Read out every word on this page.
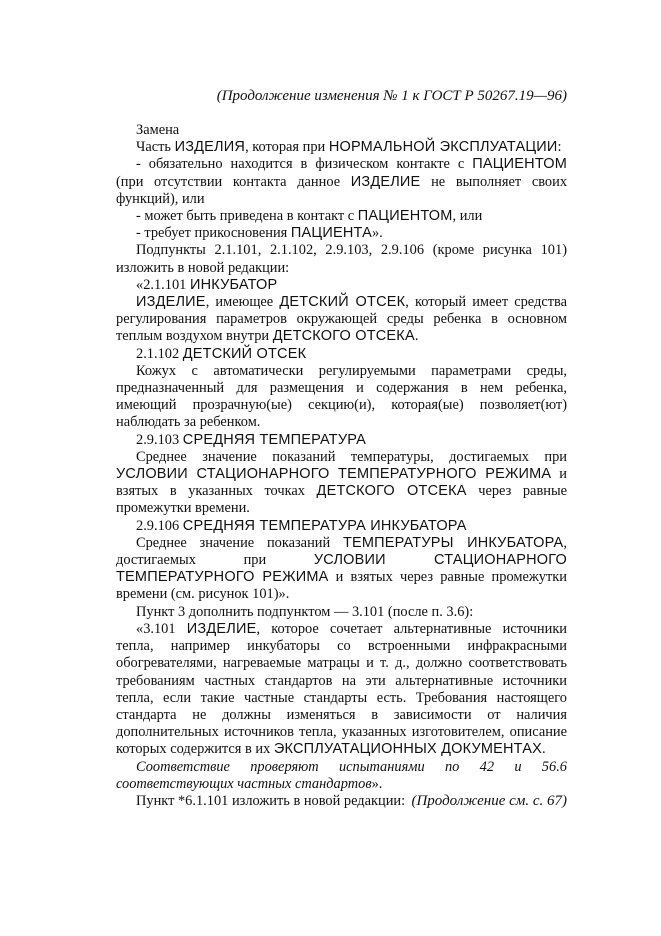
(Продолжение изменения № 1 к ГОСТ Р 50267.19—96)

Замена

Часть ИЗДЕЛИЯ, которая при НОРМАЛЬНОЙ ЭКСПЛУАТАЦИИ:

- обязательно находится в физическом контакте с ПАЦИЕНТОМ (при отсутствии контакта данное ИЗДЕЛИЕ не выполняет своих функций), или

- может быть приведена в контакт с ПАЦИЕНТОМ, или

- требует прикосновения ПАЦИЕНТА».

Подпункты 2.1.101, 2.1.102, 2.9.103, 2.9.106 (кроме рисунка 101) изложить в новой редакции:

«2.1.101 ИНКУБАТОР

ИЗДЕЛИЕ, имеющее ДЕТСКИЙ ОТСЕК, который имеет средства регулирования параметров окружающей среды ребенка в основном теплым воздухом внутри ДЕТСКОГО ОТСЕКА.

2.1.102 ДЕТСКИЙ ОТСЕК

Кожух с автоматически регулируемыми параметрами среды, предназначенный для размещения и содержания в нем ребенка, имеющий прозрачную(ые) секцию(и), которая(ые) позволяет(ют) наблюдать за ребенком.

2.9.103 СРЕДНЯЯ ТЕМПЕРАТУРА

Среднее значение показаний температуры, достигаемых при УСЛОВИИ СТАЦИОНАРНОГО ТЕМПЕРАТУРНОГО РЕЖИМА и взятых в указанных точках ДЕТСКОГО ОТСЕКА через равные промежутки времени.

2.9.106 СРЕДНЯЯ ТЕМПЕРАТУРА ИНКУБАТОРА

Среднее значение показаний ТЕМПЕРАТУРЫ ИНКУБАТОРА, достигаемых при УСЛОВИИ СТАЦИОНАРНОГО ТЕМПЕРАТУРНОГО РЕЖИМА и взятых через равные промежутки времени (см. рисунок 101)».

Пункт 3 дополнить подпунктом — 3.101 (после п. 3.6):

«3.101 ИЗДЕЛИЕ, которое сочетает альтернативные источники тепла, например инкубаторы со встроенными инфракрасными обогревателями, нагреваемые матрацы и т. д., должно соответствовать требованиям частных стандартов на эти альтернативные источники тепла, если такие частные стандарты есть. Требования настоящего стандарта не должны изменяться в зависимости от наличия дополнительных источников тепла, указанных изготовителем, описание которых содержится в их ЭКСПЛУАТАЦИОННЫХ ДОКУМЕНТАХ.

Соответствие проверяют испытаниями по 42 и 56.6 соответствующих частных стандартов».

Пункт *6.1.101 изложить в новой редакции: (Продолжение см. с. 67)
